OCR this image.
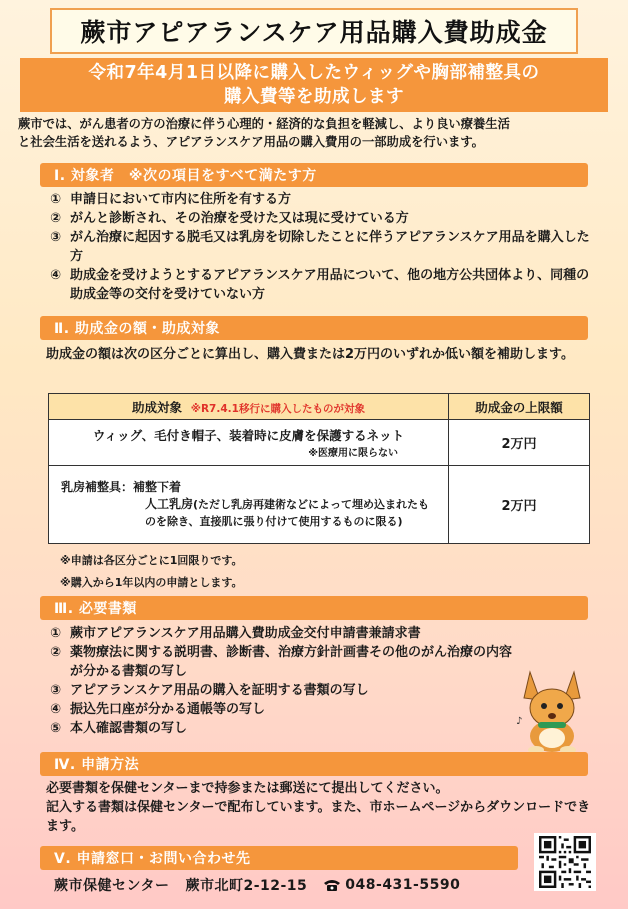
蕨市アピアランスケア用品購入費助成金
令和7年4月1日以降に購入したウィッグや胸部補整具の
購入費等を助成します
蕨市では、がん患者の方の治療に伴う心理的・経済的な負担を軽減し、より良い療養生活
と社会生活を送れるよう、アピアランスケア用品の購入費用の一部助成を行います。
Ⅰ. 対象者　※次の項目をすべて満たす方
① 申請日において市内に住所を有する方
② がんと診断され、その治療を受けた又は現に受けている方
③ がん治療に起因する脱毛又は乳房を切除したことに伴うアピアランスケア用品を購入した方
④ 助成金を受けようとするアピアランスケア用品について、他の地方公共団体より、同種の助成金等の交付を受けていない方
Ⅱ. 助成金の額・助成対象
助成金の額は次の区分ごとに算出し、購入費または2万円のいずれか低い額を補助します。
助成対象 ※R7.4.1移行に購入したものが対象	助成金の上限額

ウィッグ、毛付き帽子、装着時に皮膚を保護するネット
※医療用に限らない	2万円

乳房補整具：補整下着
人工乳房(ただし乳房再建術などによって埋め込まれたものを除き、直接肌に張り付けて使用するものに限る)	2万円
※申請は各区分ごとに1回限りです。
※購入から1年以内の申請とします。
Ⅲ. 必要書類
① 蕨市アピアランスケア用品購入費助成金交付申請書兼請求書
② 薬物療法に関する説明書、診断書、治療方針計画書その他のがん治療の内容が分かる書類の写し
③ アピアランスケア用品の購入を証明する書類の写し
④ 振込先口座が分かる通帳等の写し
⑤ 本人確認書類の写し	♪
Ⅳ. 申請方法
必要書類を保健センターまで持参または郵送にて提出してください。
記入する書類は保健センターで配布しています。また、市ホームページからダウンロードできます。
Ⅴ. 申請窓口・お問い合わせ先
蕨市保健センター 蕨市北町2-12-15	048-431-5590
